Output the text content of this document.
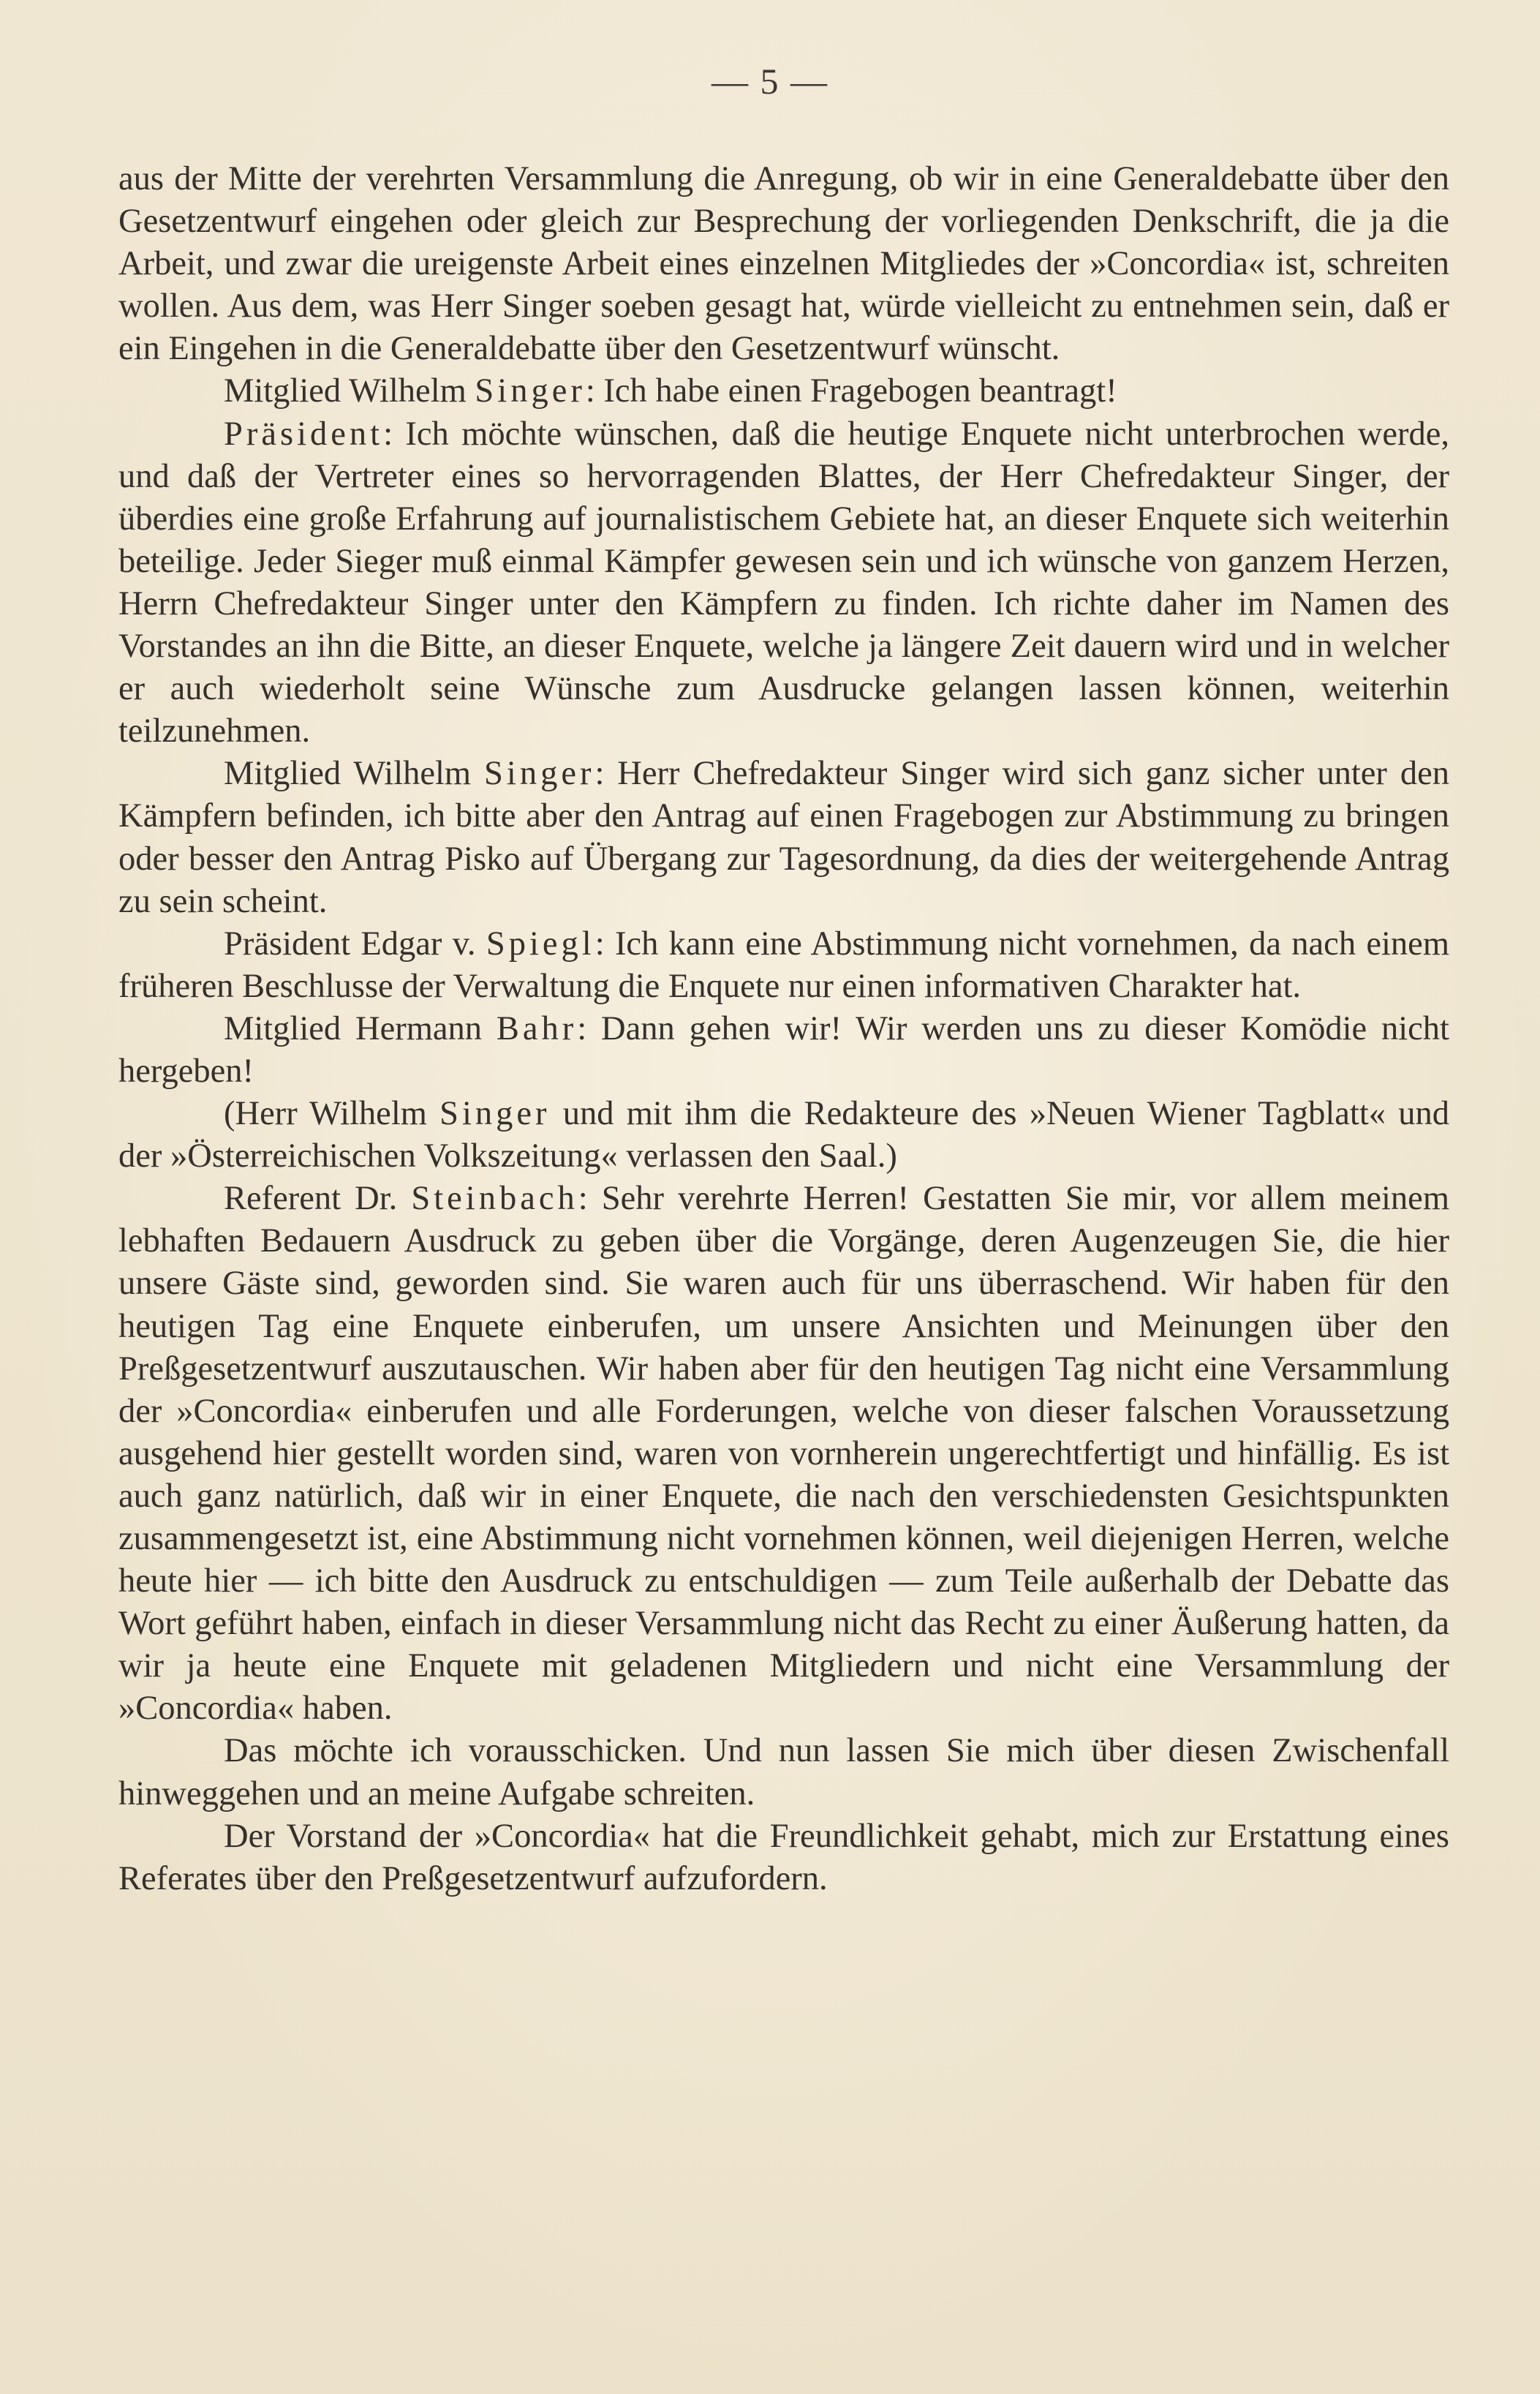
— 5 —

aus der Mitte der verehrten Versammlung die Anregung, ob wir in eine Generaldebatte über den Gesetzentwurf eingehen oder gleich zur Besprechung der vorliegenden Denkschrift, die ja die Arbeit, und zwar die ureigenste Arbeit eines einzelnen Mitgliedes der »Concordia« ist, schreiten wollen. Aus dem, was Herr Singer soeben gesagt hat, würde vielleicht zu entnehmen sein, daß er ein Eingehen in die Generaldebatte über den Gesetzentwurf wünscht.

Mitglied Wilhelm Singer: Ich habe einen Fragebogen beantragt!

Präsident: Ich möchte wünschen, daß die heutige Enquete nicht unterbrochen werde, und daß der Vertreter eines so hervorragenden Blattes, der Herr Chefredakteur Singer, der überdies eine große Erfahrung auf journalistischem Gebiete hat, an dieser Enquete sich weiterhin beteilige. Jeder Sieger muß einmal Kämpfer gewesen sein und ich wünsche von ganzem Herzen, Herrn Chefredakteur Singer unter den Kämpfern zu finden. Ich richte daher im Namen des Vorstandes an ihn die Bitte, an dieser Enquete, welche ja längere Zeit dauern wird und in welcher er auch wiederholt seine Wünsche zum Ausdrucke gelangen lassen können, weiterhin teilzunehmen.

Mitglied Wilhelm Singer: Herr Chefredakteur Singer wird sich ganz sicher unter den Kämpfern befinden, ich bitte aber den Antrag auf einen Fragebogen zur Abstimmung zu bringen oder besser den Antrag Pisko auf Übergang zur Tagesordnung, da dies der weitergehende Antrag zu sein scheint.

Präsident Edgar v. Spiegl: Ich kann eine Abstimmung nicht vornehmen, da nach einem früheren Beschlusse der Verwaltung die Enquete nur einen informativen Charakter hat.

Mitglied Hermann Bahr: Dann gehen wir! Wir werden uns zu dieser Komödie nicht hergeben!

(Herr Wilhelm Singer und mit ihm die Redakteure des »Neuen Wiener Tagblatt« und der »Österreichischen Volkszeitung« verlassen den Saal.)

Referent Dr. Steinbach: Sehr verehrte Herren! Gestatten Sie mir, vor allem meinem lebhaften Bedauern Ausdruck zu geben über die Vorgänge, deren Augenzeugen Sie, die hier unsere Gäste sind, geworden sind. Sie waren auch für uns überraschend. Wir haben für den heutigen Tag eine Enquete einberufen, um unsere Ansichten und Meinungen über den Preßgesetzentwurf auszutauschen. Wir haben aber für den heutigen Tag nicht eine Versammlung der »Concordia« einberufen und alle Forderungen, welche von dieser falschen Voraussetzung ausgehend hier gestellt worden sind, waren von vornherein ungerechtfertigt und hinfällig. Es ist auch ganz natürlich, daß wir in einer Enquete, die nach den verschiedensten Gesichtspunkten zusammengesetzt ist, eine Abstimmung nicht vornehmen können, weil diejenigen Herren, welche heute hier — ich bitte den Ausdruck zu entschuldigen — zum Teile außerhalb der Debatte das Wort geführt haben, einfach in dieser Versammlung nicht das Recht zu einer Äußerung hatten, da wir ja heute eine Enquete mit geladenen Mitgliedern und nicht eine Versammlung der »Concordia« haben.

Das möchte ich vorausschicken. Und nun lassen Sie mich über diesen Zwischenfall hinweggehen und an meine Aufgabe schreiten.

Der Vorstand der »Concordia« hat die Freundlichkeit gehabt, mich zur Erstattung eines Referates über den Preßgesetzentwurf aufzufordern.
